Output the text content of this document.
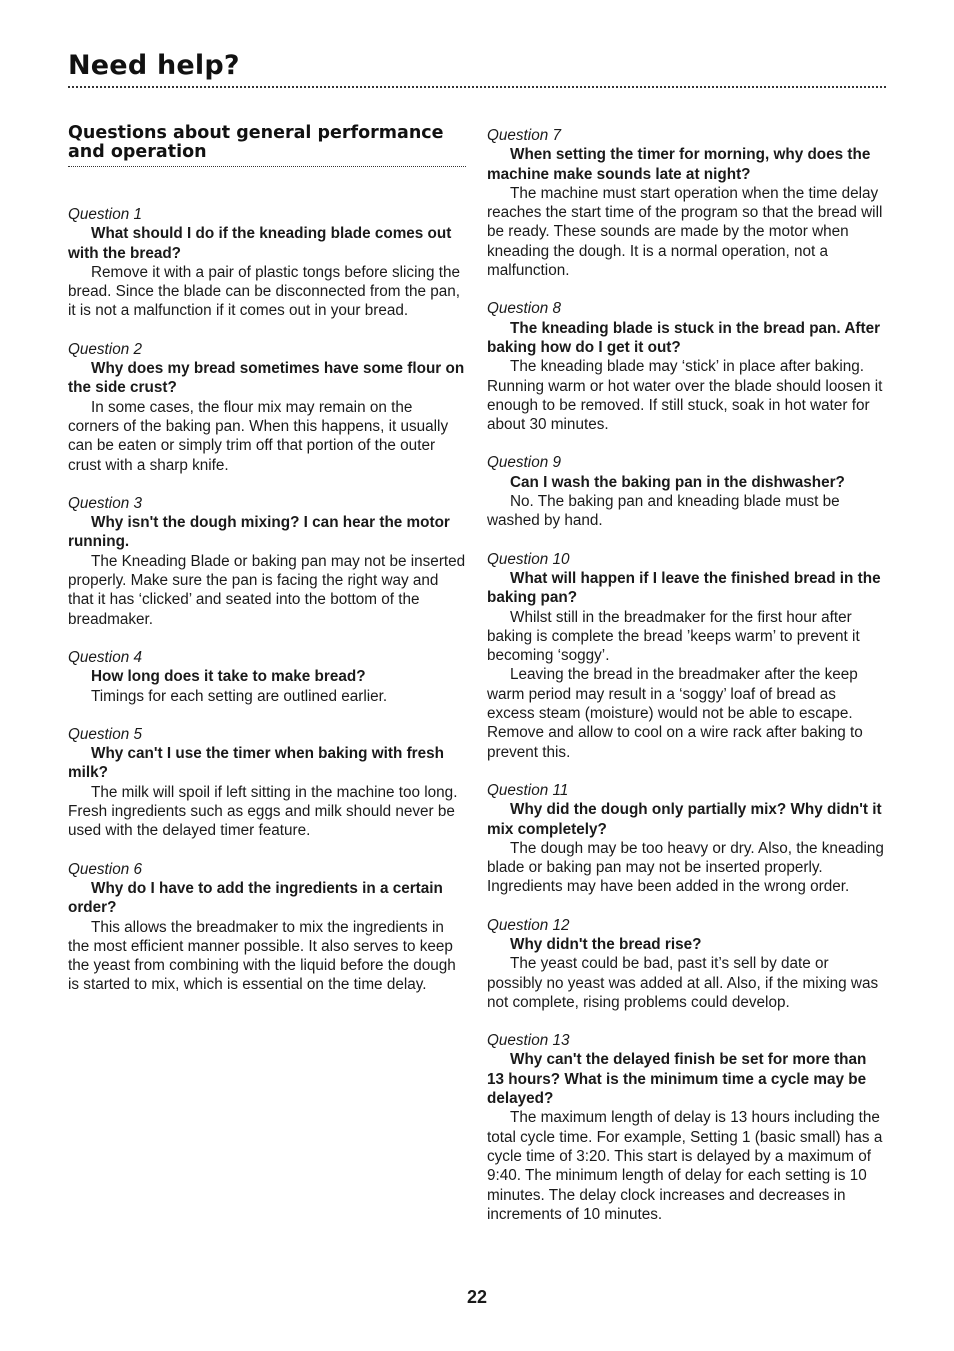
Need help?
Questions about general performance
and operation
Question 1
What should I do if the kneading blade comes out with the bread?

Remove it with a pair of plastic tongs before slicing the bread. Since the blade can be disconnected from the pan, it is not a malfunction if it comes out in your bread.

Question 2
Why does my bread sometimes have some flour on the side crust?

In some cases, the flour mix may remain on the corners of the baking pan. When this happens, it usually can be eaten or simply trim off that portion of the outer crust with a sharp knife.

Question 3
Why isn't the dough mixing? I can hear the motor running.

The Kneading Blade or baking pan may not be inserted properly. Make sure the pan is facing the right way and that it has ‘clicked’ and seated into the bottom of the breadmaker.

Question 4
How long does it take to make bread?

Timings for each setting are outlined earlier.

Question 5
Why can't I use the timer when baking with fresh milk?

The milk will spoil if left sitting in the machine too long. Fresh ingredients such as eggs and milk should never be used with the delayed timer feature.

Question 6
Why do I have to add the ingredients in a certain order?

This allows the breadmaker to mix the ingredients in the most efficient manner possible. It also serves to keep the yeast from combining with the liquid before the dough is started to mix, which is essential on the time delay.

Question 7
When setting the timer for morning, why does the machine make sounds late at night?

The machine must start operation when the time delay reaches the start time of the program so that the bread will be ready. These sounds are made by the motor when kneading the dough. It is a normal operation, not a malfunction.

Question 8
The kneading blade is stuck in the bread pan. After baking how do I get it out?

The kneading blade may ‘stick’ in place after baking. Running warm or hot water over the blade should loosen it enough to be removed. If still stuck, soak in hot water for about 30 minutes.

Question 9
Can I wash the baking pan in the dishwasher?

No. The baking pan and kneading blade must be washed by hand.

Question 10
What will happen if I leave the finished bread in the baking pan?

Whilst still in the breadmaker for the first hour after baking is complete the bread ’keeps warm’ to prevent it becoming ‘soggy’.

Leaving the bread in the breadmaker after the keep warm period may result in a ‘soggy’ loaf of bread as excess steam (moisture) would not be able to escape. Remove and allow to cool on a wire rack after baking to prevent this.

Question 11
Why did the dough only partially mix? Why didn't it mix completely?

The dough may be too heavy or dry. Also, the kneading blade or baking pan may not be inserted properly. Ingredients may have been added in the wrong order.

Question 12
Why didn't the bread rise?

The yeast could be bad, past it’s sell by date or possibly no yeast was added at all. Also, if the mixing was not complete, rising problems could develop.

Question 13
Why can't the delayed finish be set for more than 13 hours? What is the minimum time a cycle may be delayed?

The maximum length of delay is 13 hours including the total cycle time. For example, Setting 1 (basic small) has a cycle time of 3:20. This start is delayed by a maximum of 9:40. The minimum length of delay for each setting is 10 minutes. The delay clock increases and decreases in increments of 10 minutes.

22
